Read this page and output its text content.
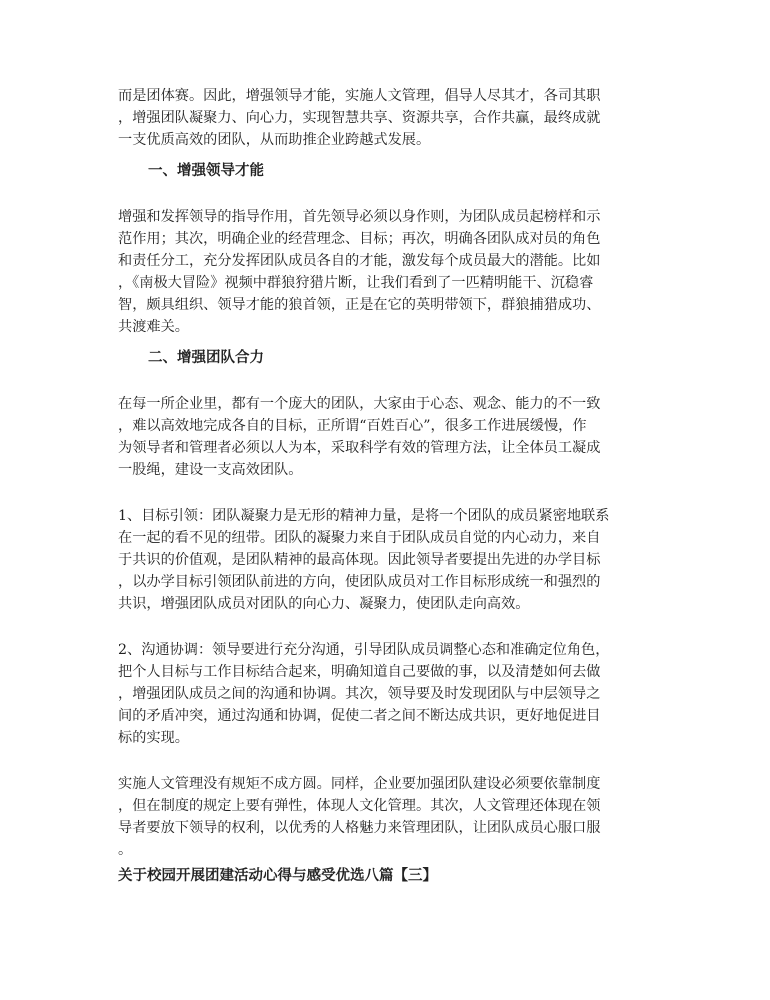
而是团体赛。因此，增强领导才能，实施人文管理，倡导人尽其才，各司其职
，增强团队凝聚力、向心力，实现智慧共享、资源共享，合作共赢，最终成就
一支优质高效的团队，从而助推企业跨越式发展。
一、增强领导才能
增强和发挥领导的指导作用，首先领导必须以身作则，为团队成员起榜样和示
范作用；其次，明确企业的经营理念、目标；再次，明确各团队成对员的角色
和责任分工，充分发挥团队成员各自的才能，激发每个成员最大的潜能。比如
，《南极大冒险》视频中群狼狩猎片断，让我们看到了一匹精明能干、沉稳睿
智，颇具组织、领导才能的狼首领，正是在它的英明带领下，群狼捕猎成功、
共渡难关。
二、增强团队合力
在每一所企业里，都有一个庞大的团队，大家由于心态、观念、能力的不一致
，难以高效地完成各自的目标，正所谓“百姓百心”，很多工作进展缓慢，作
为领导者和管理者必须以人为本，采取科学有效的管理方法，让全体员工凝成
一股绳，建设一支高效团队。
1、目标引领：团队凝聚力是无形的精神力量，是将一个团队的成员紧密地联系
在一起的看不见的纽带。团队的凝聚力来自于团队成员自觉的内心动力，来自
于共识的价值观，是团队精神的最高体现。因此领导者要提出先进的办学目标
，以办学目标引领团队前进的方向，使团队成员对工作目标形成统一和强烈的
共识，增强团队成员对团队的向心力、凝聚力，使团队走向高效。
2、沟通协调：领导要进行充分沟通，引导团队成员调整心态和准确定位角色，
把个人目标与工作目标结合起来，明确知道自己要做的事，以及清楚如何去做
，增强团队成员之间的沟通和协调。其次，领导要及时发现团队与中层领导之
间的矛盾冲突，通过沟通和协调，促使二者之间不断达成共识，更好地促进目
标的实现。
实施人文管理没有规矩不成方圆。同样，企业要加强团队建设必须要依靠制度
，但在制度的规定上要有弹性，体现人文化管理。其次，人文管理还体现在领
导者要放下领导的权利，以优秀的人格魅力来管理团队，让团队成员心服口服
。
关于校园开展团建活动心得与感受优选八篇【三】
